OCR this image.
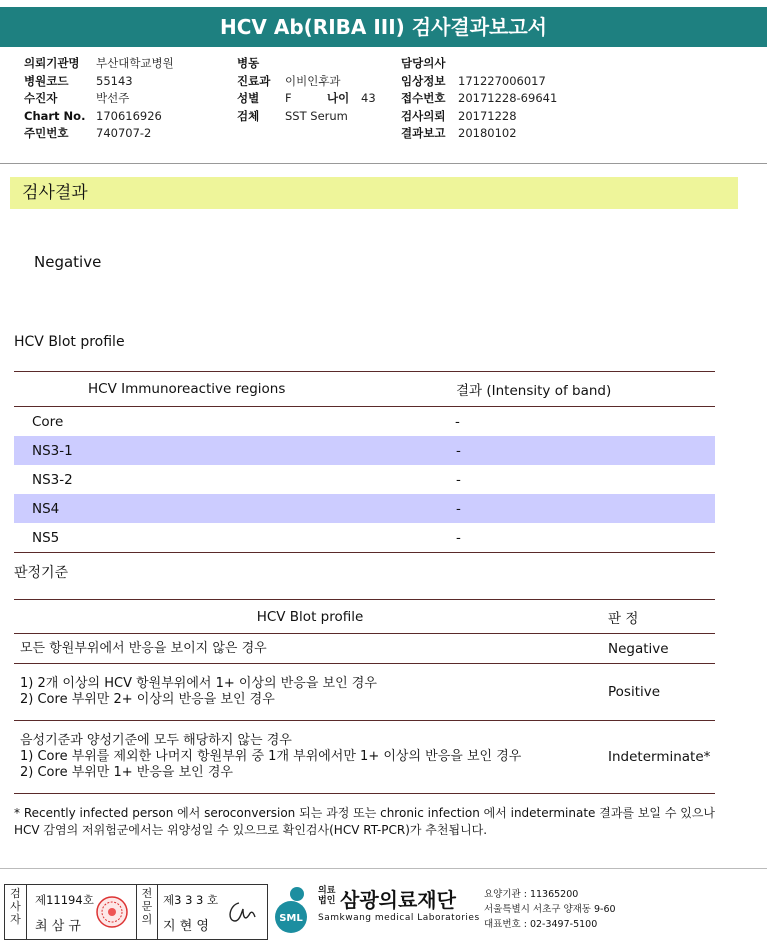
HCV Ab(RIBA III) 검사결과보고서
의뢰기관명 부산대학교병원
병원코드 55143
수진자	박선주
Chart No. 170616926
주민번호 740707-2
병동
진료과 이비인후과
성별 F	나이 43
검체 SST Serum
담당의사
임상정보 171227006017
접수번호 20171228-69641
검사의뢰 20171228
결과보고 20180102
검사결과
Negative
HCV Blot profile
HCV Immunoreactive regions	결과 (Intensity of band)
Core	-
NS3-1	-
NS3-2	-
NS4	-
NS5	-
판정기준
HCV Blot profile	판 정

모든 항원부위에서 반응을 보이지 않은 경우	Negative

1) 2개 이상의 HCV 항원부위에서 1+ 이상의 반응을 보인 경우
2) Core 부위만 2+ 이상의 반응을 보인 경우	Positive

음성기준과 양성기준에 모두 해당하지 않는 경우
1) Core 부위를 제외한 나머지 항원부위 중 1개 부위에서만 1+ 이상의 반응을 보인 경우
2) Core 부위만 1+ 반응을 보인 경우	Indeterminate*
* Recently infected person 에서 seroconversion 되는 과정 또는 chronic infection 에서 indeterminate 결과를 보일 수 있으나 HCV 감염의 저위험군에서는 위양성일 수 있으므로 확인검사(HCV RT-PCR)가 추천됩니다.
검사자
제11194호
최 삼 규
전문의
제3 3 3 호
지 현 영
SML
의료 법인 삼광의료재단
Samkwang medical Laboratories
요양기관 : 11365200
서울특별시 서초구 양재동 9-60
대표번호 : 02-3497-5100
